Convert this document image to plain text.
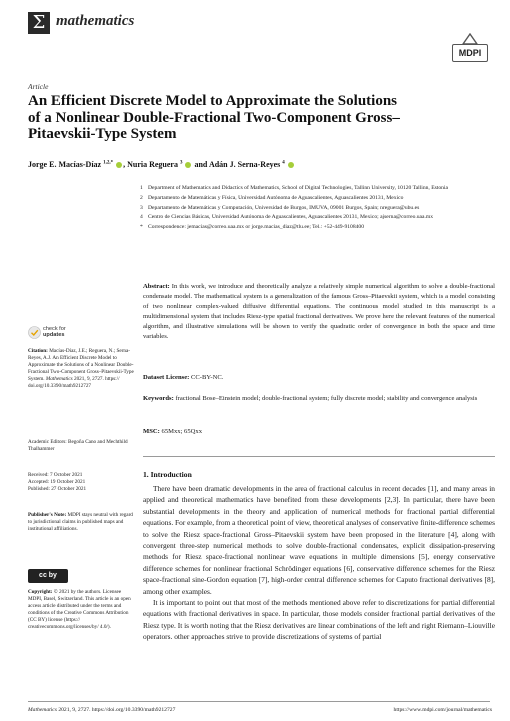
Σ mathematics
MDPI
Article
An Efficient Discrete Model to Approximate the Solutions of a Nonlinear Double-Fractional Two-Component Gross–Pitaevskii-Type System
Jorge E. Macías-Díaz $^{1,2,*}$ , Nuria Reguera $^3$ and Adán J. Serna-Reyes $^4$
1 Department of Mathematics and Didactics of Mathematics, School of Digital Technologies, Tallinn University, 10120 Tallinn, Estonia
2 Departamento de Matemáticas y Física, Universidad Autónoma de Aguascalientes, Aguascalientes 20131, Mexico
3 Departamento de Matemáticas y Computación, Universidad de Burgos, IMUVA, 09001 Burgos, Spain; nreguera@ubu.es
4 Centro de Ciencias Básicas, Universidad Autónoma de Aguascalientes, Aguascalientes 20131, Mexico; ajserna@correo.uaa.mx
* Correspondence: jemacias@correo.uaa.mx or jorge.macias_diaz@tlu.ee; Tel.: +52-449-9108400
Abstract: In this work, we introduce and theoretically analyze a relatively simple numerical algorithm to solve a double-fractional condensate model. The mathematical system is a generalization of the famous Gross–Pitaevskii system, which is a model consisting of two nonlinear complex-valued diffusive differential equations. The continuous model studied in this manuscript is a multidimensional system that includes Riesz-type spatial fractional derivatives. We prove here the relevant features of the numerical algorithm, and illustrative simulations will be shown to verify the quadratic order of convergence in both the space and time variables.
Dataset License: CC-BY-NC.
Keywords: fractional Bose–Einstein model; double-fractional system; fully discrete model; stability and convergence analysis
MSC: 65Mxx; 65Qxx
check for
updates
Citation: Macías-Díaz, J.E.; Reguera, N.; Serna-Reyes, A.J. An Efficient Discrete Model to Approximate the Solutions of a Nonlinear Double-Fractional Two-Component Gross–Pitaevskii-Type System. Mathematics 2021, 9, 2727. https:// doi.org/10.3390/math9212727
Academic Editors: Begoña Cano and Mechthild Thalhammer
Received: 7 October 2021
Accepted: 19 October 2021
Published: 27 October 2021
Publisher's Note: MDPI stays neutral with regard to jurisdictional claims in published maps and institutional affiliations.
cc by
Copyright: © 2021 by the authors. Licensee MDPI, Basel, Switzerland. This article is an open access article distributed under the terms and conditions of the Creative Commons Attribution (CC BY) license (https:// creativecommons.org/licenses/by/ 4.0/).
1. Introduction

There have been dramatic developments in the area of fractional calculus in recent decades [1], and many areas in applied and theoretical mathematics have benefited from these developments [2,3]. In particular, there have been substantial developments in the theory and application of numerical methods for fractional partial differential equations. For example, from a theoretical point of view, theoretical analyses of conservative finite-difference schemes to solve the Riesz space-fractional Gross–Pitaevskii system have been proposed in the literature [4], along with convergent three-step numerical methods to solve double-fractional condensates, explicit dissipation-preserving methods for Riesz space-fractional nonlinear wave equations in multiple dimensions [5], energy conservative difference schemes for nonlinear fractional Schrödinger equations [6], conservative difference schemes for the Riesz space-fractional sine-Gordon equation [7], high-order central difference schemes for Caputo fractional derivatives [8], among other examples.

It is important to point out that most of the methods mentioned above refer to discretizations for partial differential equations with fractional derivatives in space. In particular, those models consider fractional partial derivatives of the Riesz type. It is worth noting that the Riesz derivatives are linear combinations of the left and right Riemann–Liouville operators. other approaches strive to provide discretizations of systems of partial

Mathematics 2021, 9, 2727. https://doi.org/10.3390/math9212727	https://www.mdpi.com/journal/mathematics
